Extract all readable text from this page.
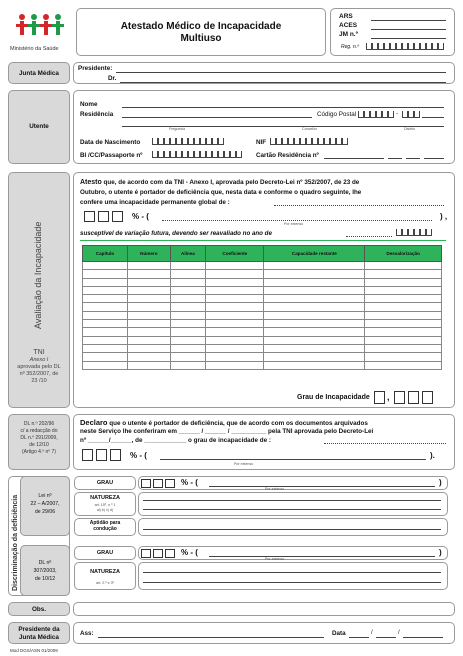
Ministério da Saúde
Atestado Médico de Incapacidade
Multiuso
ARS
ACES
JM n.º
Reg. n.º
Junta Médica
Presidente:
Dr.
Utente
Nome
Residência	Código Postal	-
Freguesia	Concelho	Distrito
Data de Nascimento	NIF
BI /CC/Passaporte nº	Cartão Residência nº
Avaliação da Incapacidade
TNI
Anexo I
aprovada pelo DL
nº 352/2007, de
23 /10
Atesto que, de acordo com da TNI - Anexo I, aprovada pelo Decreto-Lei nº 352/2007, de 23 de
Outubro, o utente é portador de deficiência que, nesta data e conforme o quadro seguinte, lhe
confere uma incapacidade permanente global de :
% - (
Por extenso
) ,
susceptível de variação futura, devendo ser reavaliado no ano de
Capítulo	Número	Alínea	Coeficiente	Capacidade restante	Desvalorização

Grau de Incapacidade ,
DL n.º 202/96
c/ a redacção do
DL n.º 291/2009,
de 12/10
(Artigo 4.º nº 7)
Declaro que o utente é portador de deficiência, que de acordo com os documentos arquivados
neste Serviço lhe conferiram em ______ / ______ / __________ pela TNI aprovada pelo Decreto-Lei
nº ______/______, de ____________ o grau de incapacidade de :
% - (
Por extenso
).
Discriminação da deficiência	Lei nº
22 – A/2007,
de 29/06
DL nº
307/2003,
de 10/12
GRAU	% - (
Por extenso
)
NATUREZA
art. 15º, n.º 1
al) b) c) d)
Aptidão para condução
GRAU	% - (
Por extenso
)
NATUREZA
art. 2.º e 3º
Obs.
Presidente da
Junta Médica
Ass:	Data	/	/
Mod DGS/ASN 01/2009
